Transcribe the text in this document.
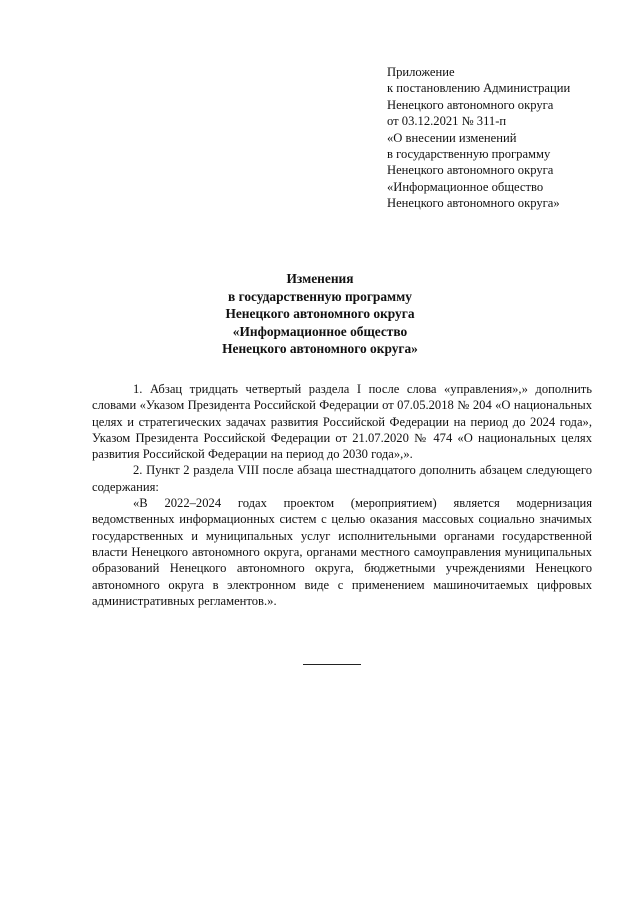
Приложение
к постановлению Администрации
Ненецкого автономного округа
от 03.12.2021 № 311-п
«О внесении изменений
в государственную программу
Ненецкого автономного округа
«Информационное общество
Ненецкого автономного округа»
Изменения
в государственную программу
Ненецкого автономного округа
«Информационное общество
Ненецкого автономного округа»

1. Абзац тридцать четвертый раздела I после слова «управления»,» дополнить словами «Указом Президента Российской Федерации от 07.05.2018 № 204 «О национальных целях и стратегических задачах развития Российской Федерации на период до 2024 года», Указом Президента Российской Федерации от 21.07.2020 № 474 «О национальных целях развития Российской Федерации на период до 2030 года»,».

2. Пункт 2 раздела VIII после абзаца шестнадцатого дополнить абзацем следующего содержания:

«В 2022–2024 годах проектом (мероприятием) является модернизация ведомственных информационных систем с целью оказания массовых социально значимых государственных и муниципальных услуг исполнительными органами государственной власти Ненецкого автономного округа, органами местного самоуправления муниципальных образований Ненецкого автономного округа, бюджетными учреждениями Ненецкого автономного округа в электронном виде с применением машиночитаемых цифровых административных регламентов.».
